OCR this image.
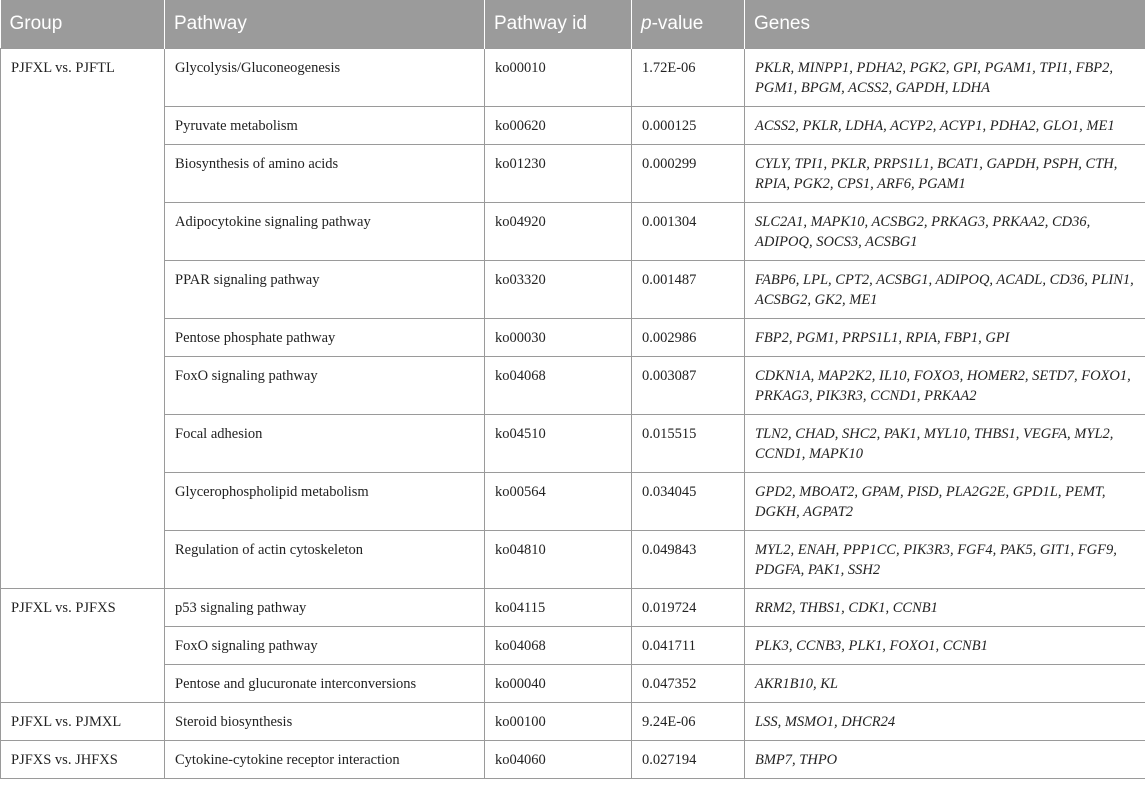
Group	Pathway	Pathway id	p-value	Genes
PJFXL vs. PJFTL	Glycolysis/Gluconeogenesis	ko00010	1.72E-06	PKLR, MINPP1, PDHA2, PGK2, GPI, PGAM1, TPI1, FBP2, PGM1, BPGM, ACSS2, GAPDH, LDHA
	Pyruvate metabolism	ko00620	0.000125	ACSS2, PKLR, LDHA, ACYP2, ACYP1, PDHA2, GLO1, ME1
	Biosynthesis of amino acids	ko01230	0.000299	CYLY, TPI1, PKLR, PRPS1L1, BCAT1, GAPDH, PSPH, CTH, RPIA, PGK2, CPS1, ARF6, PGAM1
	Adipocytokine signaling pathway	ko04920	0.001304	SLC2A1, MAPK10, ACSBG2, PRKAG3, PRKAA2, CD36, ADIPOQ, SOCS3, ACSBG1
	PPAR signaling pathway	ko03320	0.001487	FABP6, LPL, CPT2, ACSBG1, ADIPOQ, ACADL, CD36, PLIN1, ACSBG2, GK2, ME1
	Pentose phosphate pathway	ko00030	0.002986	FBP2, PGM1, PRPS1L1, RPIA, FBP1, GPI
	FoxO signaling pathway	ko04068	0.003087	CDKN1A, MAP2K2, IL10, FOXO3, HOMER2, SETD7, FOXO1, PRKAG3, PIK3R3, CCND1, PRKAA2
	Focal adhesion	ko04510	0.015515	TLN2, CHAD, SHC2, PAK1, MYL10, THBS1, VEGFA, MYL2, CCND1, MAPK10
	Glycerophospholipid metabolism	ko00564	0.034045	GPD2, MBOAT2, GPAM, PISD, PLA2G2E, GPD1L, PEMT, DGKH, AGPAT2
	Regulation of actin cytoskeleton	ko04810	0.049843	MYL2, ENAH, PPP1CC, PIK3R3, FGF4, PAK5, GIT1, FGF9, PDGFA, PAK1, SSH2
PJFXL vs. PJFXS	p53 signaling pathway	ko04115	0.019724	RRM2, THBS1, CDK1, CCNB1
	FoxO signaling pathway	ko04068	0.041711	PLK3, CCNB3, PLK1, FOXO1, CCNB1
	Pentose and glucuronate interconversions	ko00040	0.047352	AKR1B10, KL
PJFXL vs. PJMXL	Steroid biosynthesis	ko00100	9.24E-06	LSS, MSMO1, DHCR24
PJFXS vs. JHFXS	Cytokine-cytokine receptor interaction	ko04060	0.027194	BMP7, THPO
